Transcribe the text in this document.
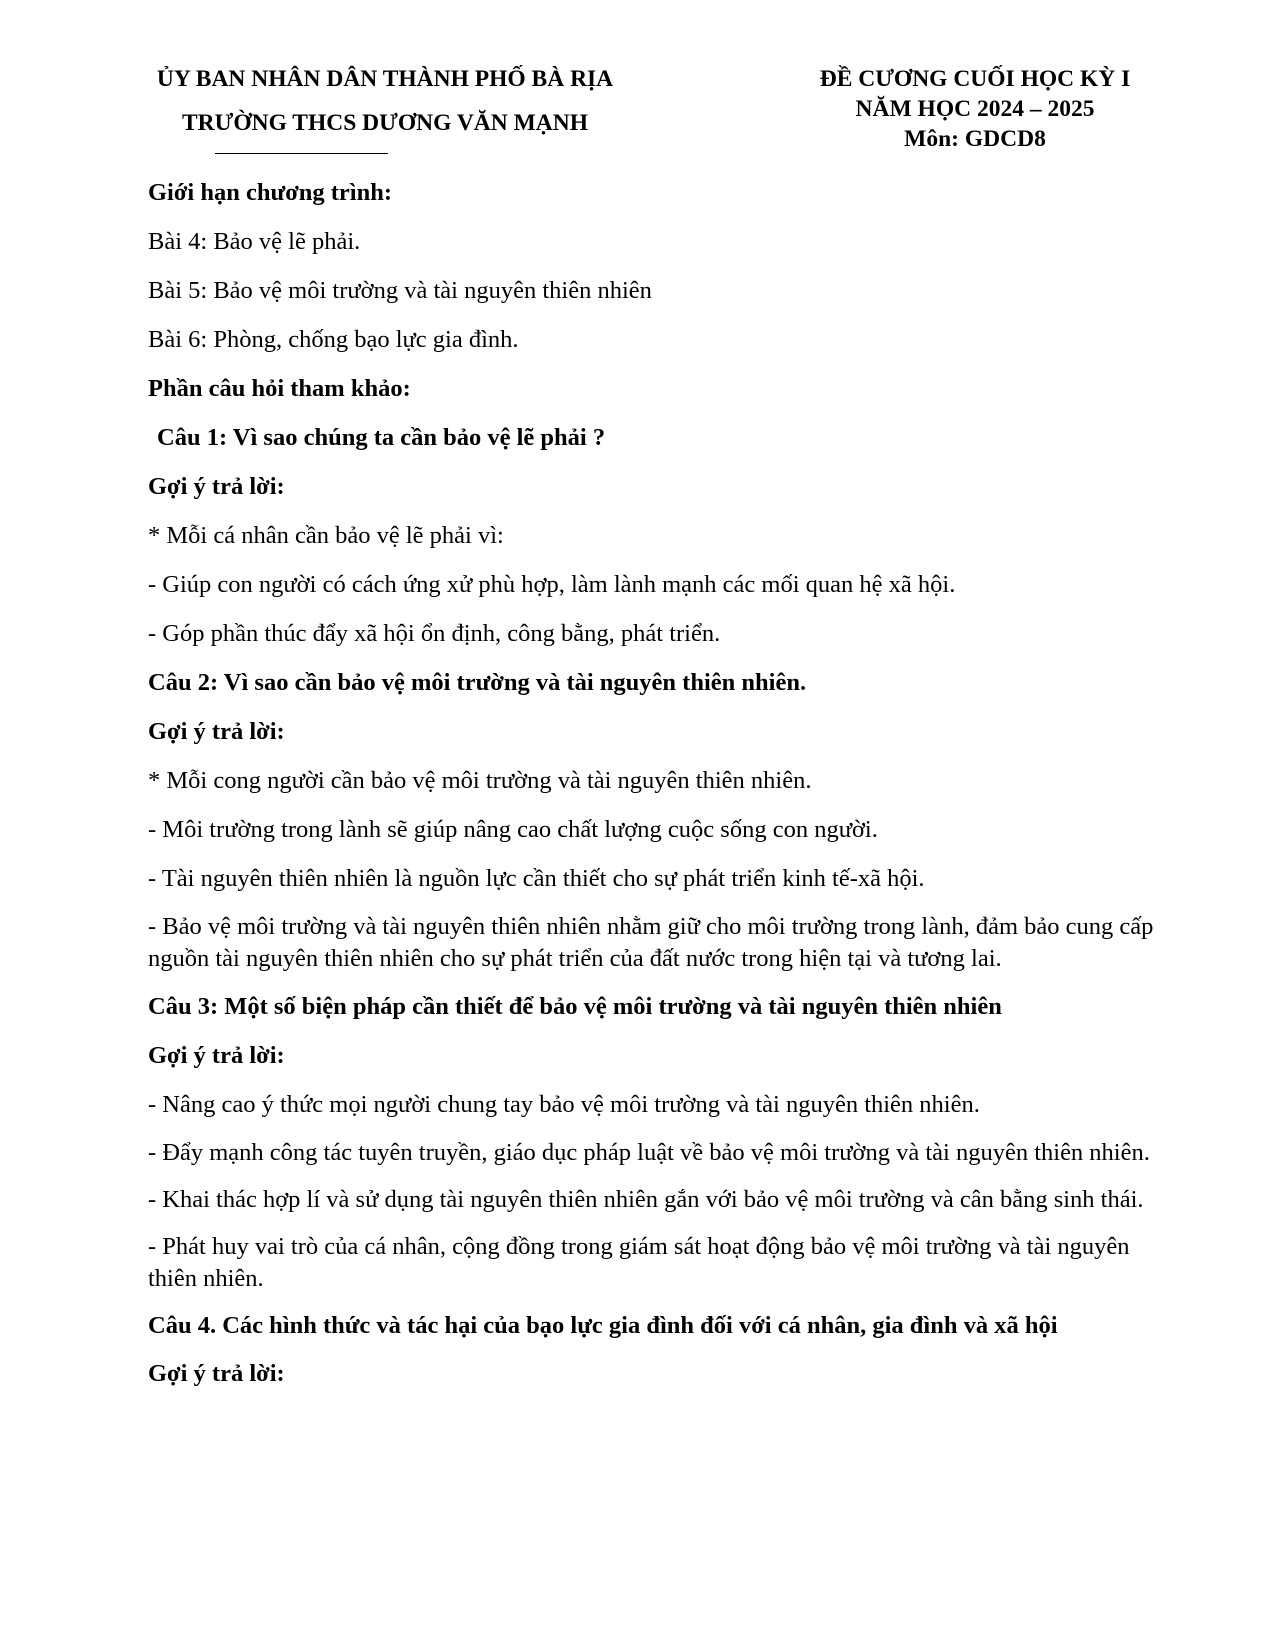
ỦY BAN NHÂN DÂN THÀNH PHỐ BÀ RỊA
TRƯỜNG THCS DƯƠNG VĂN MẠNH
ĐỀ CƯƠNG CUỐI HỌC KỲ I
NĂM HỌC 2024 – 2025
Môn: GDCD8

Giới hạn chương trình:

Bài 4: Bảo vệ lẽ phải.

Bài 5: Bảo vệ môi trường và tài nguyên thiên nhiên

Bài 6: Phòng, chống bạo lực gia đình.

Phần câu hỏi tham khảo:

Câu 1: Vì sao chúng ta cần bảo vệ lẽ phải ?

Gợi ý trả lời:

* Mỗi cá nhân cần bảo vệ lẽ phải vì:

- Giúp con người có cách ứng xử phù hợp, làm lành mạnh các mối quan hệ xã hội.

- Góp phần thúc đẩy xã hội ổn định, công bằng, phát triển.

Câu 2: Vì sao cần bảo vệ môi trường và tài nguyên thiên nhiên.

Gợi ý trả lời:

* Mỗi cong người cần bảo vệ môi trường và tài nguyên thiên nhiên.

- Môi trường trong lành sẽ giúp nâng cao chất lượng cuộc sống con người.

- Tài nguyên thiên nhiên là nguồn lực cần thiết cho sự phát triển kinh tế-xã hội.

- Bảo vệ môi trường và tài nguyên thiên nhiên nhằm giữ cho môi trường trong lành, đảm bảo cung cấp nguồn tài nguyên thiên nhiên cho sự phát triển của đất nước trong hiện tại và tương lai.

Câu 3: Một số biện pháp cần thiết để bảo vệ môi trường và tài nguyên thiên nhiên

Gợi ý trả lời:

- Nâng cao ý thức mọi người chung tay bảo vệ môi trường và tài nguyên thiên nhiên.

- Đẩy mạnh công tác tuyên truyền, giáo dục pháp luật về bảo vệ môi trường và tài nguyên thiên nhiên.

- Khai thác hợp lí và sử dụng tài nguyên thiên nhiên gắn với bảo vệ môi trường và cân bằng sinh thái.

- Phát huy vai trò của cá nhân, cộng đồng trong giám sát hoạt động bảo vệ môi trường và tài nguyên thiên nhiên.

Câu 4. Các hình thức và tác hại của bạo lực gia đình đối với cá nhân, gia đình và xã hội

Gợi ý trả lời:
